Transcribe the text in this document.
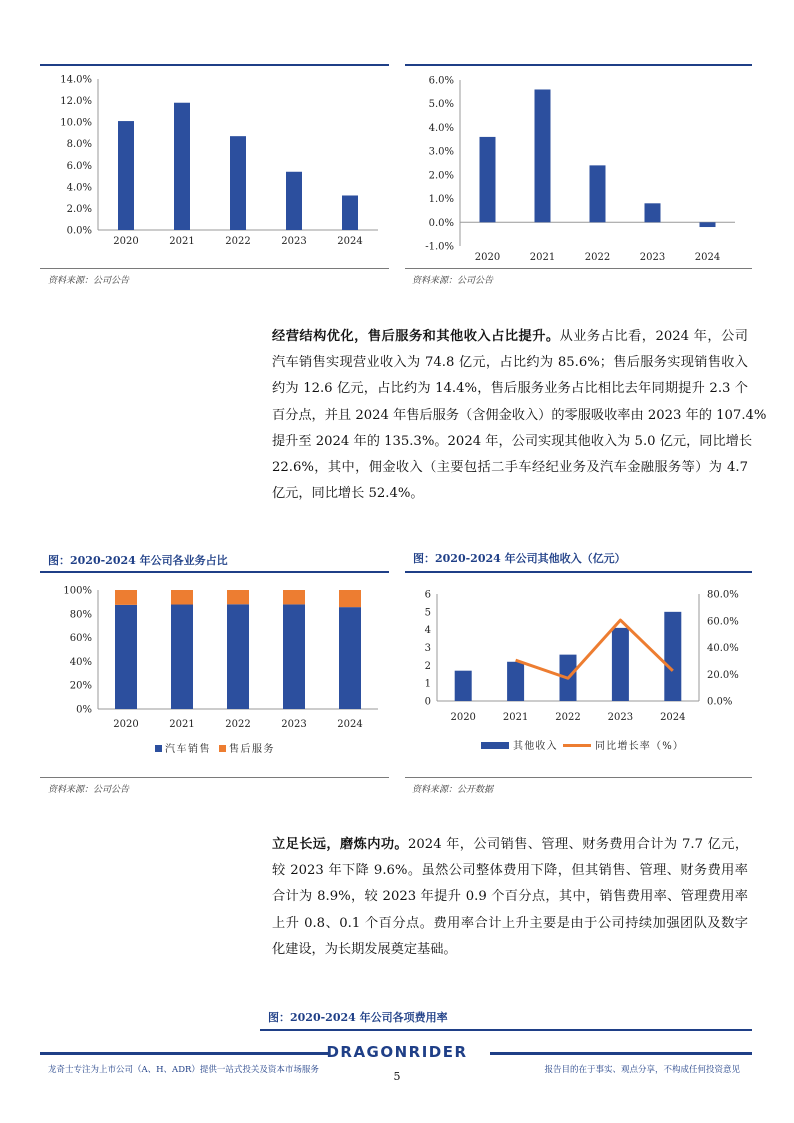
0.0%
2.0%
4.0%
6.0%
8.0%
10.0%
12.0%
14.0%
2020	2021	2022	2023	2024
资料来源：公司公告
-1.0%
0.0%
1.0%
2.0%
3.0%
4.0%
5.0%
6.0%
2020	2021	2022	2023	2024
资料来源：公司公告
经营结构优化，售后服务和其他收入占比提升。从业务占比看，2024 年，公司
汽车销售实现营业收入为 74.8 亿元，占比约为 85.6%；售后服务实现销售收入
约为 12.6 亿元，占比约为 14.4%，售后服务业务占比相比去年同期提升 2.3 个
百分点，并且 2024 年售后服务（含佣金收入）的零服吸收率由 2023 年的 107.4%
提升至 2024 年的 135.3%。2024 年，公司实现其他收入为 5.0 亿元，同比增长
22.6%，其中，佣金收入（主要包括二手车经纪业务及汽车金融服务等）为 4.7
亿元，同比增长 52.4%。
图：2020-2024 年公司各业务占比
0%
20%
40%
60%
80%
100%
2020	2021	2022	2023	2024
汽车销售 售后服务
资料来源：公司公告
图：2020-2024 年公司其他收入（亿元）
0
1
2
3
4
5
6
0.0%
20.0%
40.0%
60.0%
80.0%
2020	2021	2022	2023	2024
其他收入	同比增长率（%）
资料来源：公开数据
立足长远，磨炼内功。2024 年，公司销售、管理、财务费用合计为 7.7 亿元，
较 2023 年下降 9.6%。虽然公司整体费用下降，但其销售、管理、财务费用率
合计为 8.9%，较 2023 年提升 0.9 个百分点，其中，销售费用率、管理费用率
上升 0.8、0.1 个百分点。费用率合计上升主要是由于公司持续加强团队及数字
化建设，为长期发展奠定基础。
图：2020-2024 年公司各项费用率
DRAGONRIDER
龙奇士专注为上市公司（A、H、ADR）提供一站式投关及资本市场服务	5	报告目的在于事实、观点分享，不构成任何投资意见
